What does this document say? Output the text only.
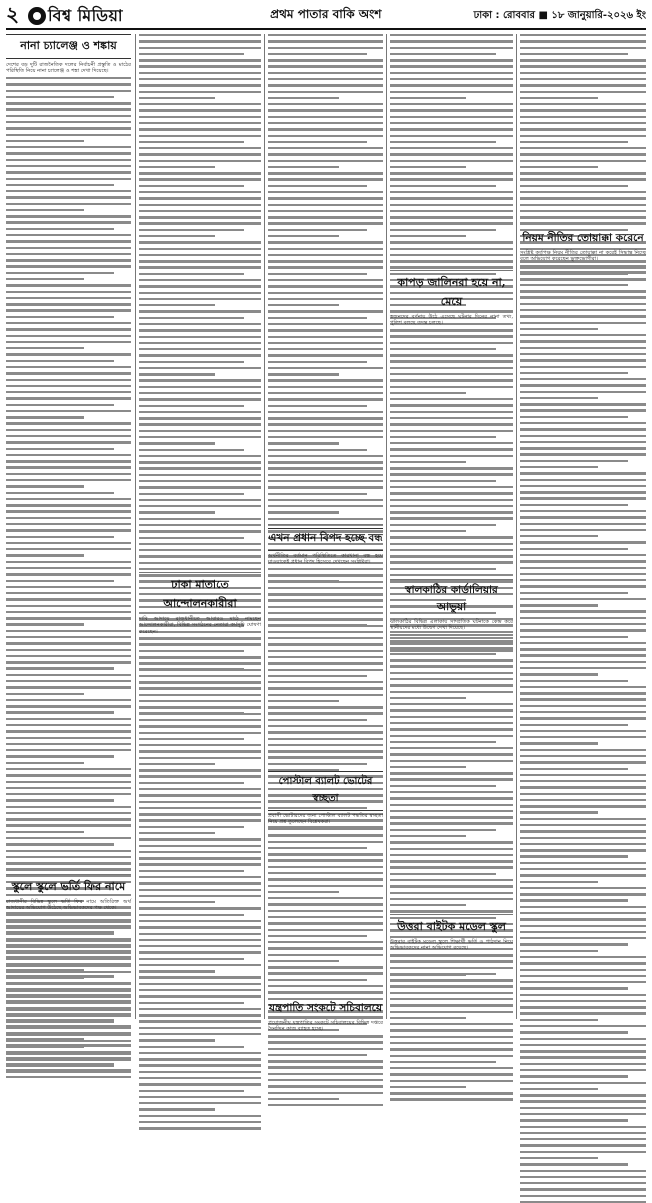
২	বিশ্ব মিডিয়া	প্রথম পাতার বাকি অংশ	ঢাকা : রোববার ■ ১৮ জানুয়ারি-২০২৬ ইং
নানা চ্যালেঞ্জ ও শঙ্কায়
দেশের বড় দুটি রাজনৈতিক দলের নির্বাচনী প্রস্তুতি ও মাঠের পরিস্থিতি নিয়ে নানা চ্যালেঞ্জ ও শঙ্কা দেখা দিয়েছে।
স্কুলে স্কুলে ভর্তি ফির নামে
রাজধানীর বিভিন্ন স্কুলে ভর্তি ফির নামে অতিরিক্ত অর্থ আদায়ের অভিযোগ উঠেছে অভিভাবকদের পক্ষ থেকে।
ঢাকা মাতাতে আন্দোলনকারীরা
দাবি আদায়ে রাজধানীতে আবারও মাঠে নামছেন আন্দোলনকারীরা, বিভিন্ন সংগঠনের নেতারা কর্মসূচি ঘোষণা করেছেন।
এখন প্রধান বিপদ হচ্ছে বন্ধ
অর্থনীতির বর্তমান পরিস্থিতিতে কারখানা বন্ধ হয়ে যাওয়াকেই প্রধান বিপদ হিসেবে দেখছেন সংশ্লিষ্টরা।
পোস্টাল ব্যালট ভোটের স্বচ্ছতা
প্রবাসী ভোটারদের জন্য পোস্টাল ব্যালট পদ্ধতির স্বচ্ছতা নিয়ে প্রশ্ন তুলেছেন বিশ্লেষকরা।
যন্ত্রপাতি সংকটে সচিবালয়ে
প্রয়োজনীয় যন্ত্রপাতির সংকটে সচিবালয়ের বিভিন্ন দপ্তরে দৈনন্দিন কাজ ব্যাহত হচ্ছে।
কাপড় জালিনরা হয়ে না, মেয়ে
স্বজনদের বর্ণনায় উঠে এসেছে ঘটনার দিনের নানা তথ্য, পুলিশ বলছে তদন্ত চলছে।
স্বালকাঠির কার্ডালিয়ার আভুয়া
ঝালকাঠির বিভিন্ন এলাকায় সাম্প্রতিক ঘটনাকে কেন্দ্র করে স্থানীয়দের মধ্যে উদ্বেগ দেখা দিয়েছে।
উত্তরা বাইটক মডেল স্কুল
উত্তরার বাইটক মডেল স্কুলে শিক্ষার্থী ভর্তি ও পাঠদান নিয়ে অভিভাবকদের নানা অভিযোগ রয়েছে।
নিয়ম নীতির তোয়াক্কা করেনে
সংশ্লিষ্ট কর্তৃপক্ষ নিয়ম নীতির তোয়াক্কা না করেই সিদ্ধান্ত নিচ্ছে বলে অভিযোগ করেছেন ভুক্তভোগীরা।
